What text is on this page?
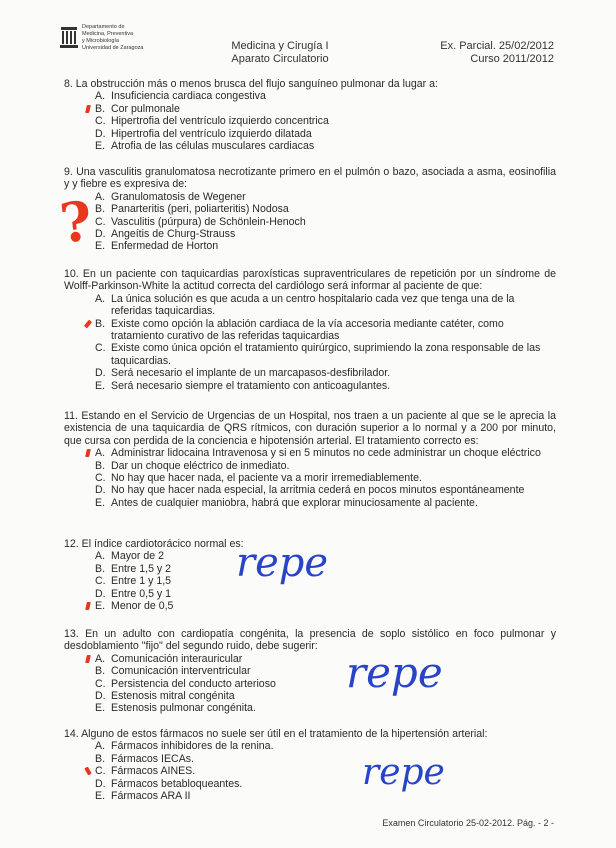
Departamento de
Medicina, Preventiva
y Microbiología
Universidad de Zaragoza	Medicina y Cirugía I
Aparato Circulatorio
Ex. Parcial. 25/02/2012
Curso 2011/2012
8. La obstrucción más o menos brusca del flujo sanguíneo pulmonar da lugar a:
A. Insuficiencia cardiaca congestiva
B. Cor pulmonale
C. Hipertrofia del ventrículo izquierdo concentrica
D. Hipertrofia del ventrículo izquierdo dilatada
E. Atrofia de las células musculares cardiacas
9. Una vasculitis granulomatosa necrotizante primero en el pulmón o bazo, asociada a asma, eosinofilia y y fiebre es expresiva de:
A. Granulomatosis de Wegener
B. Panarteritis (peri, poliarteritis) Nodosa
C. Vasculitis (púrpura) de Schönlein-Henoch
D. Angeítis de Churg-Strauss
E. Enfermedad de Horton
?
10. En un paciente con taquicardias paroxísticas supraventriculares de repetición por un síndrome de Wolff-Parkinson-White la actitud correcta del cardiólogo será informar al paciente de que:
A. La única solución es que acuda a un centro hospitalario cada vez que tenga una de la referidas taquicardias.
B. Existe como opción la ablación cardiaca de la vía accesoria mediante catéter, como tratamiento curativo de las referidas taquicardias
C. Existe como única opción el tratamiento quirúrgico, suprimiendo la zona responsable de las taquicardias.
D. Será necesario el implante de un marcapasos-desfibrilador.
E. Será necesario siempre el tratamiento con anticoagulantes.
11. Estando en el Servicio de Urgencias de un Hospital, nos traen a un paciente al que se le aprecia la existencia de una taquicardia de QRS rítmicos, con duración superior a lo normal y a 200 por minuto, que cursa con perdida de la conciencia e hipotensión arterial. El tratamiento correcto es:
A. Administrar lidocaina Intravenosa y si en 5 minutos no cede administrar un choque eléctrico
B. Dar un choque eléctrico de inmediato.
C. No hay que hacer nada, el paciente va a morir irremediablemente.
D. No hay que hacer nada especial, la arritmia cederá en pocos minutos espontáneamente
E. Antes de cualquier maniobra, habrá que explorar minuciosamente al paciente.
12. El índice cardiotorácico normal es:
A. Mayor de 2
B. Entre 1,5 y 2
C. Entre 1 y 1,5
D. Entre 0,5 y 1
E. Menor de 0,5
repe
13. En un adulto con cardiopatía congénita, la presencia de soplo sistólico en foco pulmonar y desdoblamiento "fijo" del segundo ruido, debe sugerir:
A. Comunicación interauricular
B. Comunicación interventricular
C. Persistencia del conducto arterioso
D. Estenosis mitral congénita
E. Estenosis pulmonar congénita.
repe
14. Alguno de estos fármacos no suele ser útil en el tratamiento de la hipertensión arterial:
A. Fármacos inhibidores de la renina.
B. Fármacos IECAs.
C. Fármacos AINES.
D. Fármacos betabloqueantes.
E. Fármacos ARA II
repe
Examen Circulatorio 25-02-2012. Pág. - 2 -
